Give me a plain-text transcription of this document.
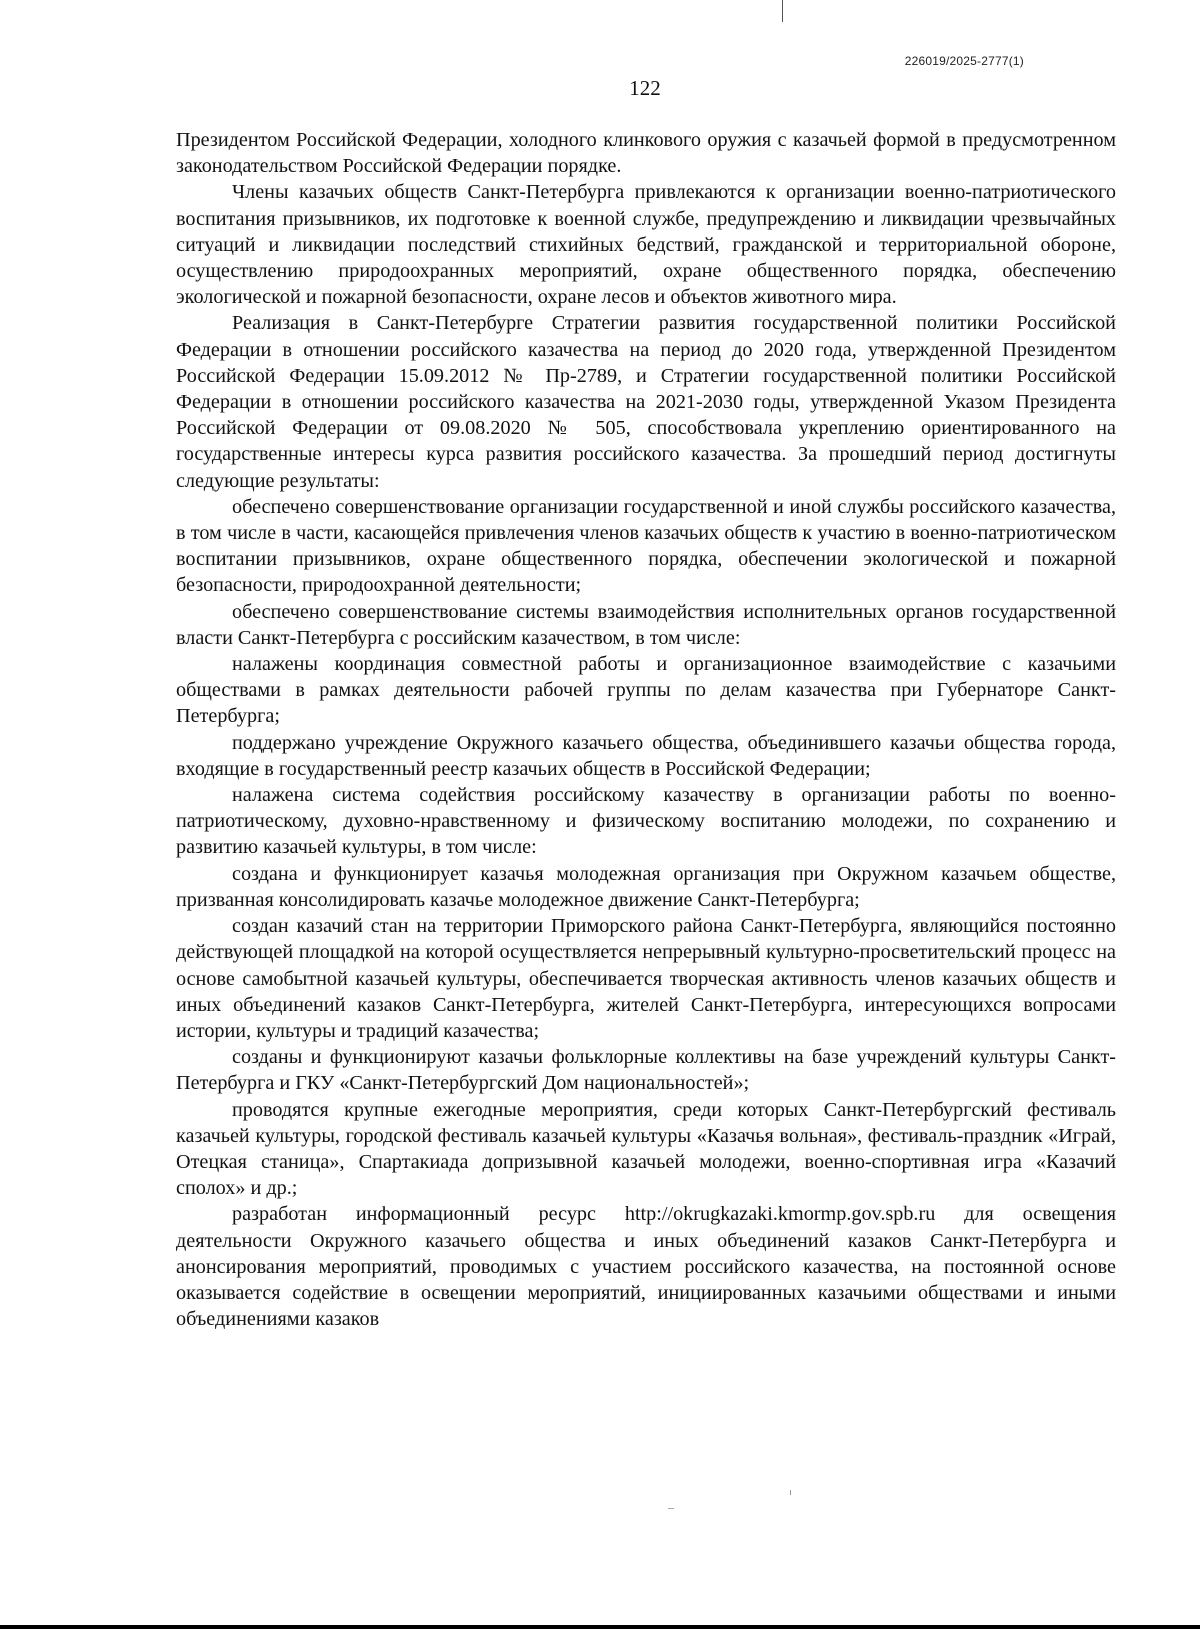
226019/2025-2777(1)
122

Президентом Российской Федерации, холодного клинкового оружия с казачьей формой в предусмотренном законодательством Российской Федерации порядке.

Члены казачьих обществ Санкт-Петербурга привлекаются к организации военно-патриотического воспитания призывников, их подготовке к военной службе, предупреждению и ликвидации чрезвычайных ситуаций и ликвидации последствий стихийных бедствий, гражданской и территориальной обороне, осуществлению природоохранных мероприятий, охране общественного порядка, обеспечению экологической и пожарной безопасности, охране лесов и объектов животного мира.

Реализация в Санкт-Петербурге Стратегии развития государственной политики Российской Федерации в отношении российского казачества на период до 2020 года, утвержденной Президентом Российской Федерации 15.09.2012 № Пр-2789, и Стратегии государственной политики Российской Федерации в отношении российского казачества на 2021-2030 годы, утвержденной Указом Президента Российской Федерации от 09.08.2020 № 505, способствовала укреплению ориентированного на государственные интересы курса развития российского казачества. За прошедший период достигнуты следующие результаты:

обеспечено совершенствование организации государственной и иной службы российского казачества, в том числе в части, касающейся привлечения членов казачьих обществ к участию в военно-патриотическом воспитании призывников, охране общественного порядка, обеспечении экологической и пожарной безопасности, природоохранной деятельности;

обеспечено совершенствование системы взаимодействия исполнительных органов государственной власти Санкт-Петербурга с российским казачеством, в том числе:

налажены координация совместной работы и организационное взаимодействие с казачьими обществами в рамках деятельности рабочей группы по делам казачества при Губернаторе Санкт-Петербурга;

поддержано учреждение Окружного казачьего общества, объединившего казачьи общества города, входящие в государственный реестр казачьих обществ в Российской Федерации;

налажена система содействия российскому казачеству в организации работы по военно-патриотическому, духовно-нравственному и физическому воспитанию молодежи, по сохранению и развитию казачьей культуры, в том числе:

создана и функционирует казачья молодежная организация при Окружном казачьем обществе, призванная консолидировать казачье молодежное движение Санкт-Петербурга;

создан казачий стан на территории Приморского района Санкт-Петербурга, являющийся постоянно действующей площадкой на которой осуществляется непрерывный культурно-просветительский процесс на основе самобытной казачьей культуры, обеспечивается творческая активность членов казачьих обществ и иных объединений казаков Санкт-Петербурга, жителей Санкт-Петербурга, интересующихся вопросами истории, культуры и традиций казачества;

созданы и функционируют казачьи фольклорные коллективы на базе учреждений культуры Санкт-Петербурга и ГКУ «Санкт-Петербургский Дом национальностей»;

проводятся крупные ежегодные мероприятия, среди которых Санкт-Петербургский фестиваль казачьей культуры, городской фестиваль казачьей культуры «Казачья вольная», фестиваль-праздник «Играй, Отецкая станица», Спартакиада допризывной казачьей молодежи, военно-спортивная игра «Казачий сполох» и др.;

разработан информационный ресурс http://okrugkazaki.kmormp.gov.spb.ru для освещения деятельности Окружного казачьего общества и иных объединений казаков Санкт-Петербурга и анонсирования мероприятий, проводимых с участием российского казачества, на постоянной основе оказывается содействие в освещении мероприятий, инициированных казачьими обществами и иными объединениями казаков
